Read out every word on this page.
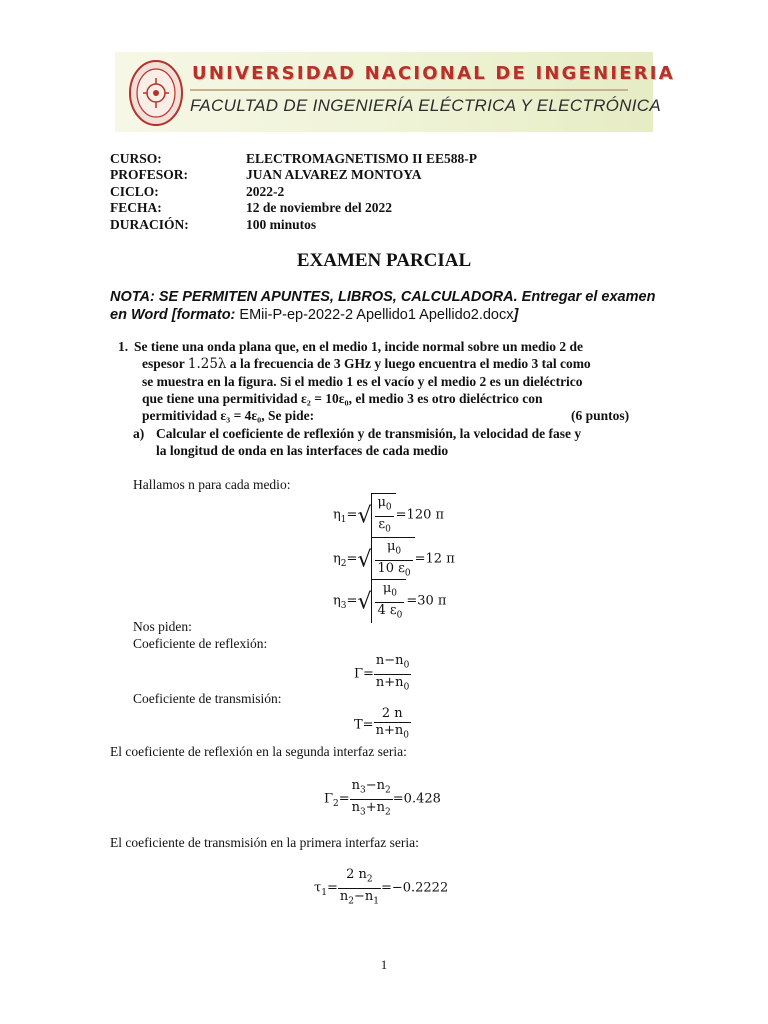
UNIVERSIDAD NACIONAL DE INGENIERIA
FACULTAD DE INGENIERÍA ELÉCTRICA Y ELECTRÓNICA
CURSO:	ELECTROMAGNETISMO II EE588-P
PROFESOR:	JUAN ALVAREZ MONTOYA
CICLO:	2022-2
FECHA:	12 de noviembre del 2022
DURACIÓN:	100 minutos
EXAMEN PARCIAL
NOTA: SE PERMITEN APUNTES, LIBROS, CALCULADORA. Entregar el examen en Word [formato: EMii-P-ep-2022-2 Apellido1 Apellido2.docx]
1. Se tiene una onda plana que, en el medio 1, incide normal sobre un medio 2 de
espesor 1.25λ a la frecuencia de 3 GHz y luego encuentra el medio 3 tal como
se muestra en la figura. Si el medio 1 es el vacío y el medio 2 es un dieléctrico
que tiene una permitividad ε₂ = 10ε₀, el medio 3 es otro dieléctrico con
permitividad ε₃ = 4ε₀, Se pide:	(6 puntos)
a) Calcular el coeficiente de reflexión y de transmisión, la velocidad de fase y
la longitud de onda en las interfaces de cada medio
Hallamos n para cada medio:
$\eta_1=√ \frac{\mu_0}{\varepsilon_0} =120$ π
$\eta_2=√ \frac{\mu_0}{10 \varepsilon_0} =12$ π
$\eta_3=√ \frac{\mu_0}{4 \varepsilon_0} =30$ π
Nos piden:
Coeficiente de reflexión:
$\Gamma= \frac{n-n_0}{n+n_0}$
Coeficiente de transmisión:
$T= \frac{2 n}{n+n_0}$
El coeficiente de reflexión en la segunda interfaz seria:
$\Gamma_2= \frac{n_3-n_2}{n_3+n_2} =0.428$
El coeficiente de transmisión en la primera interfaz seria:
$\tau_1= \frac{2 n_2}{n_2-n_1} =-0.2222$
1
